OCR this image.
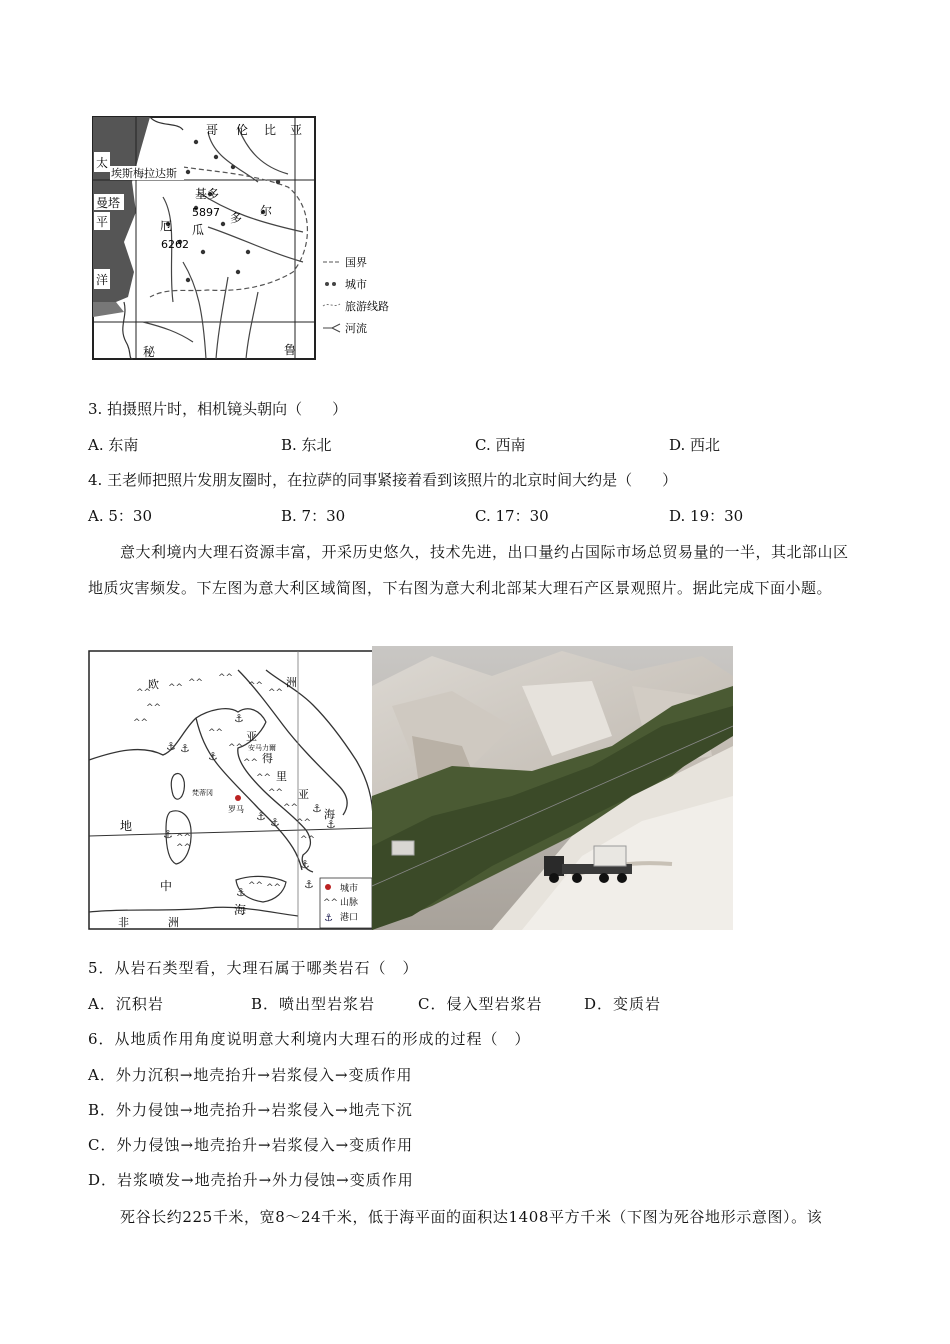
哥 伦 比 亚
太
曼塔
平
洋
埃斯梅拉达斯
基多
5897
厄 瓜
多 尔
6262
秘	鲁
国界
城市
旅游线路
河流
3. 拍摄照片时，相机镜头朝向（　　）
A. 东南	B. 东北	C. 西南	D. 西北
4. 王老师把照片发朋友圈时，在拉萨的同事紧接着看到该照片的北京时间大约是（　　）
A. 5：30	B. 7：30	C. 17：30	D. 19：30
意大利境内大理石资源丰富，开采历史悠久，技术先进，出口量约占国际市场总贸易量的一半，其北部山区地质灾害频发。下左图为意大利区域简图，下右图为意大利北部某大理石产区景观照片。据此完成下面小题。
^^
^^
^^
^^ ^^ ^^
^^
^^
^^
^^
^^
^^
^^
^^
^^
^^
^^
^^
^^ ^^
⚓ ⚓
⚓
⚓
⚓ ⚓
⚓
⚓
⚓
⚓
⚓
⚓
欧	洲
亚
得
里
亚
海
安马力爾
梵蒂冈
罗马
地
中
海
非	洲
城市
^^ 山脉
⚓ 港口
5．从岩石类型看，大理石属于哪类岩石（　）
A．沉积岩	B．喷出型岩浆岩	C．侵入型岩浆岩	D．变质岩
6．从地质作用角度说明意大利境内大理石的形成的过程（　）
A．外力沉积→地壳抬升→岩浆侵入→变质作用
B．外力侵蚀→地壳抬升→岩浆侵入→地壳下沉
C．外力侵蚀→地壳抬升→岩浆侵入→变质作用
D．岩浆喷发→地壳抬升→外力侵蚀→变质作用
死谷长约225千米，宽8～24千米，低于海平面的面积达1408平方千米（下图为死谷地形示意图）。该
